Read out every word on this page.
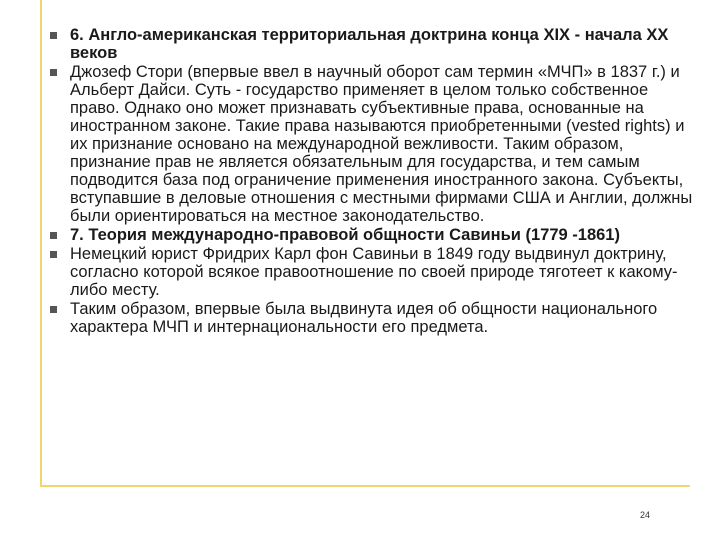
6. Англо-американская территориальная доктрина конца XIX - начала XX веков
Джозеф Стори (впервые ввел в научный оборот сам термин «МЧП» в 1837 г.) и Альберт Дайси. Суть - государство применяет в целом только собственное право. Однако оно может признавать субъективные права, основанные на иностранном законе. Такие права называются приобретенными (vested rights) и их признание основано на международной вежливости. Таким образом, признание прав не является обязательным для государства, и тем самым подводится база под ограничение применения иностранного закона. Субъекты, вступавшие в деловые отношения с местными фирмами США и Англии, должны были ориентироваться на местное законодательство.
7. Теория международно-правовой общности Савиньи (1779 -1861)
Немецкий юрист Фридрих Карл фон Савиньи в 1849 году выдвинул доктрину, согласно которой всякое правоотношение по своей природе тяготеет к какому-либо месту.
Таким образом, впервые была выдвинута идея об общности национального характера МЧП и интернациональности его предмета.
24
